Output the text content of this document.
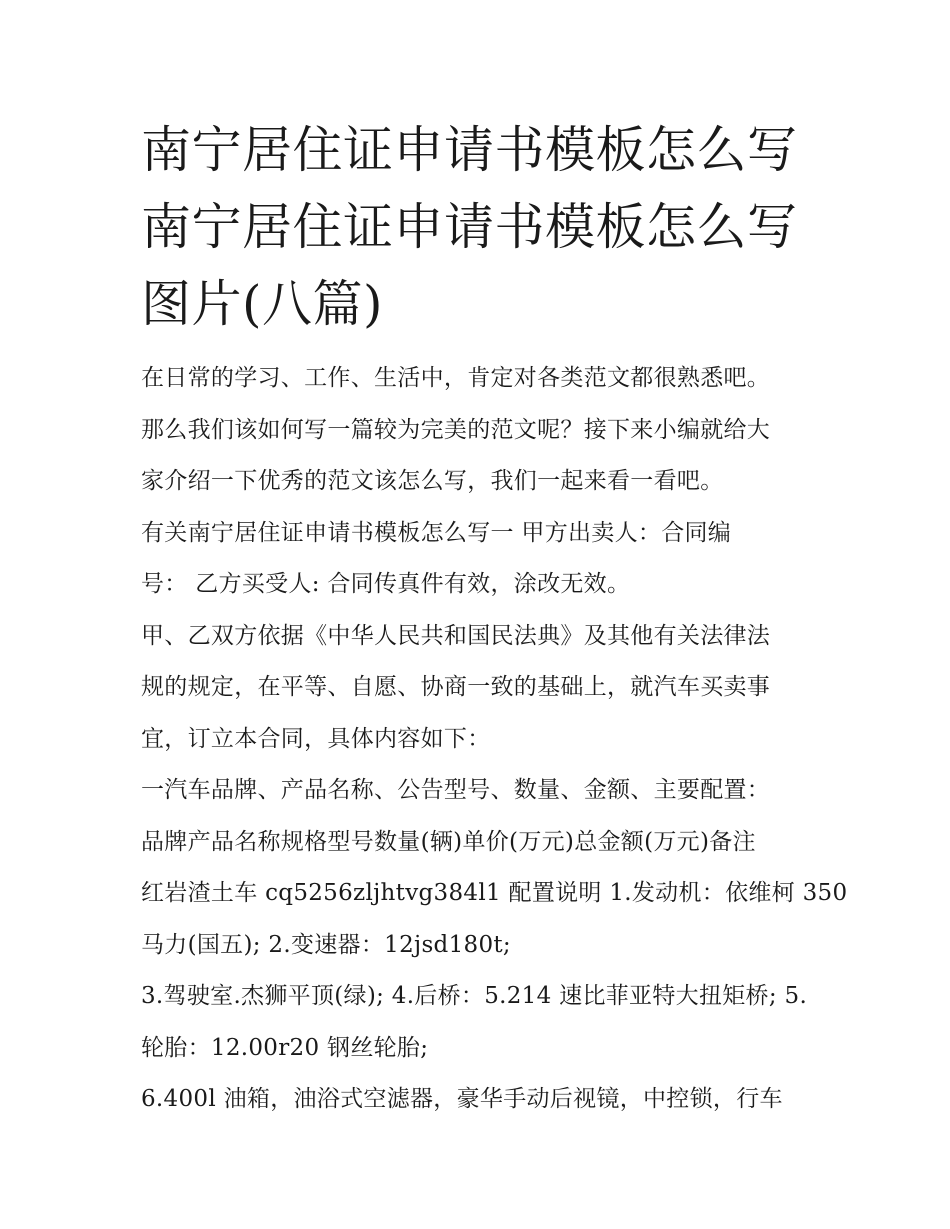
南宁居住证申请书模板怎么写
南宁居住证申请书模板怎么写
图片(八篇)

在日常的学习、工作、生活中，肯定对各类范文都很熟悉吧。
那么我们该如何写一篇较为完美的范文呢？接下来小编就给大
家介绍一下优秀的范文该怎么写，我们一起来看一看吧。

有关南宁居住证申请书模板怎么写一 甲方出卖人：合同编
号： 乙方买受人: 合同传真件有效，涂改无效。

甲、乙双方依据《中华人民共和国民法典》及其他有关法律法
规的规定，在平等、自愿、协商一致的基础上，就汽车买卖事
宜，订立本合同，具体内容如下：

一汽车品牌、产品名称、公告型号、数量、金额、主要配置：
品牌产品名称规格型号数量(辆)单价(万元)总金额(万元)备注
红岩渣土车 cq5256zljhtvg384l1 配置说明 1.发动机：依维柯 350
马力(国五); 2.变速器：12jsd180t;

3.驾驶室.杰狮平顶(绿); 4.后桥：5.214 速比菲亚特大扭矩桥; 5.
轮胎：12.00r20 钢丝轮胎;

6.400l 油箱，油浴式空滤器，豪华手动后视镜，中控锁，行车
